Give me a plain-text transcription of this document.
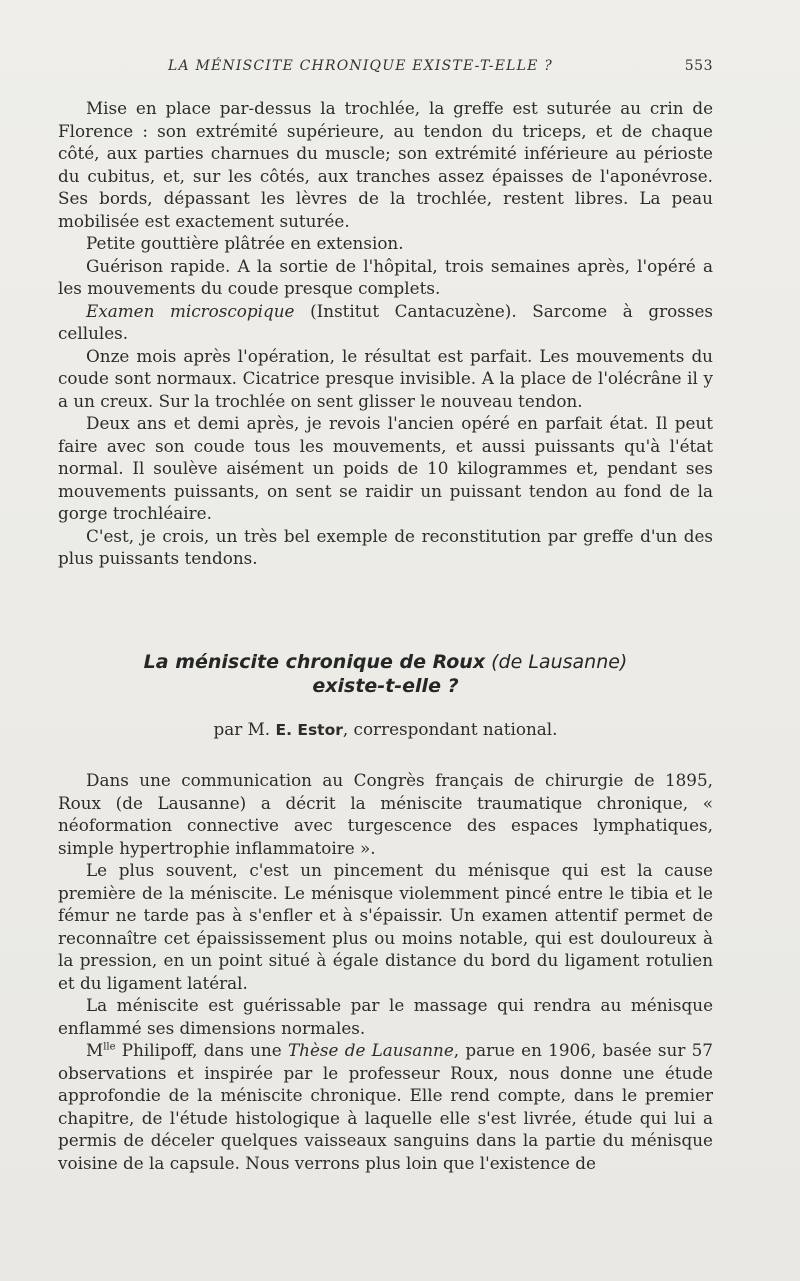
LA MÉNISCITE CHRONIQUE EXISTE-T-ELLE ?	553

Mise en place par-dessus la trochlée, la greffe est suturée au crin de Florence : son extrémité supérieure, au tendon du triceps, et de chaque côté, aux parties charnues du muscle; son extrémité inférieure au périoste du cubitus, et, sur les côtés, aux tranches assez épaisses de l'aponévrose. Ses bords, dépassant les lèvres de la trochlée, restent libres. La peau mobilisée est exactement suturée.

Petite gouttière plâtrée en extension.

Guérison rapide. A la sortie de l'hôpital, trois semaines après, l'opéré a les mouvements du coude presque complets.

Examen microscopique (Institut Cantacuzène). Sarcome à grosses cellules.

Onze mois après l'opération, le résultat est parfait. Les mouvements du coude sont normaux. Cicatrice presque invisible. A la place de l'olécrâne il y a un creux. Sur la trochlée on sent glisser le nouveau tendon.

Deux ans et demi après, je revois l'ancien opéré en parfait état. Il peut faire avec son coude tous les mouvements, et aussi puissants qu'à l'état normal. Il soulève aisément un poids de 10 kilogrammes et, pendant ses mouvements puissants, on sent se raidir un puissant tendon au fond de la gorge trochléaire.

C'est, je crois, un très bel exemple de reconstitution par greffe d'un des plus puissants tendons.

La méniscite chronique de Roux (de Lausanne)
existe-t-elle ?
par M. E. Estor, correspondant national.

Dans une communication au Congrès français de chirurgie de 1895, Roux (de Lausanne) a décrit la méniscite traumatique chronique, « néoformation connective avec turgescence des espaces lymphatiques, simple hypertrophie inflammatoire ».

Le plus souvent, c'est un pincement du ménisque qui est la cause première de la méniscite. Le ménisque violemment pincé entre le tibia et le fémur ne tarde pas à s'enfler et à s'épaissir. Un examen attentif permet de reconnaître cet épaississement plus ou moins notable, qui est douloureux à la pression, en un point situé à égale distance du bord du ligament rotulien et du ligament latéral.

La méniscite est guérissable par le massage qui rendra au ménisque enflammé ses dimensions normales.

$M^{lle}$ Philipoff, dans une Thèse de Lausanne, parue en 1906, basée sur 57 observations et inspirée par le professeur Roux, nous donne une étude approfondie de la méniscite chronique. Elle rend compte, dans le premier chapitre, de l'étude histologique à laquelle elle s'est livrée, étude qui lui a permis de déceler quelques vaisseaux sanguins dans la partie du ménisque voisine de la capsule. Nous verrons plus loin que l'existence de
